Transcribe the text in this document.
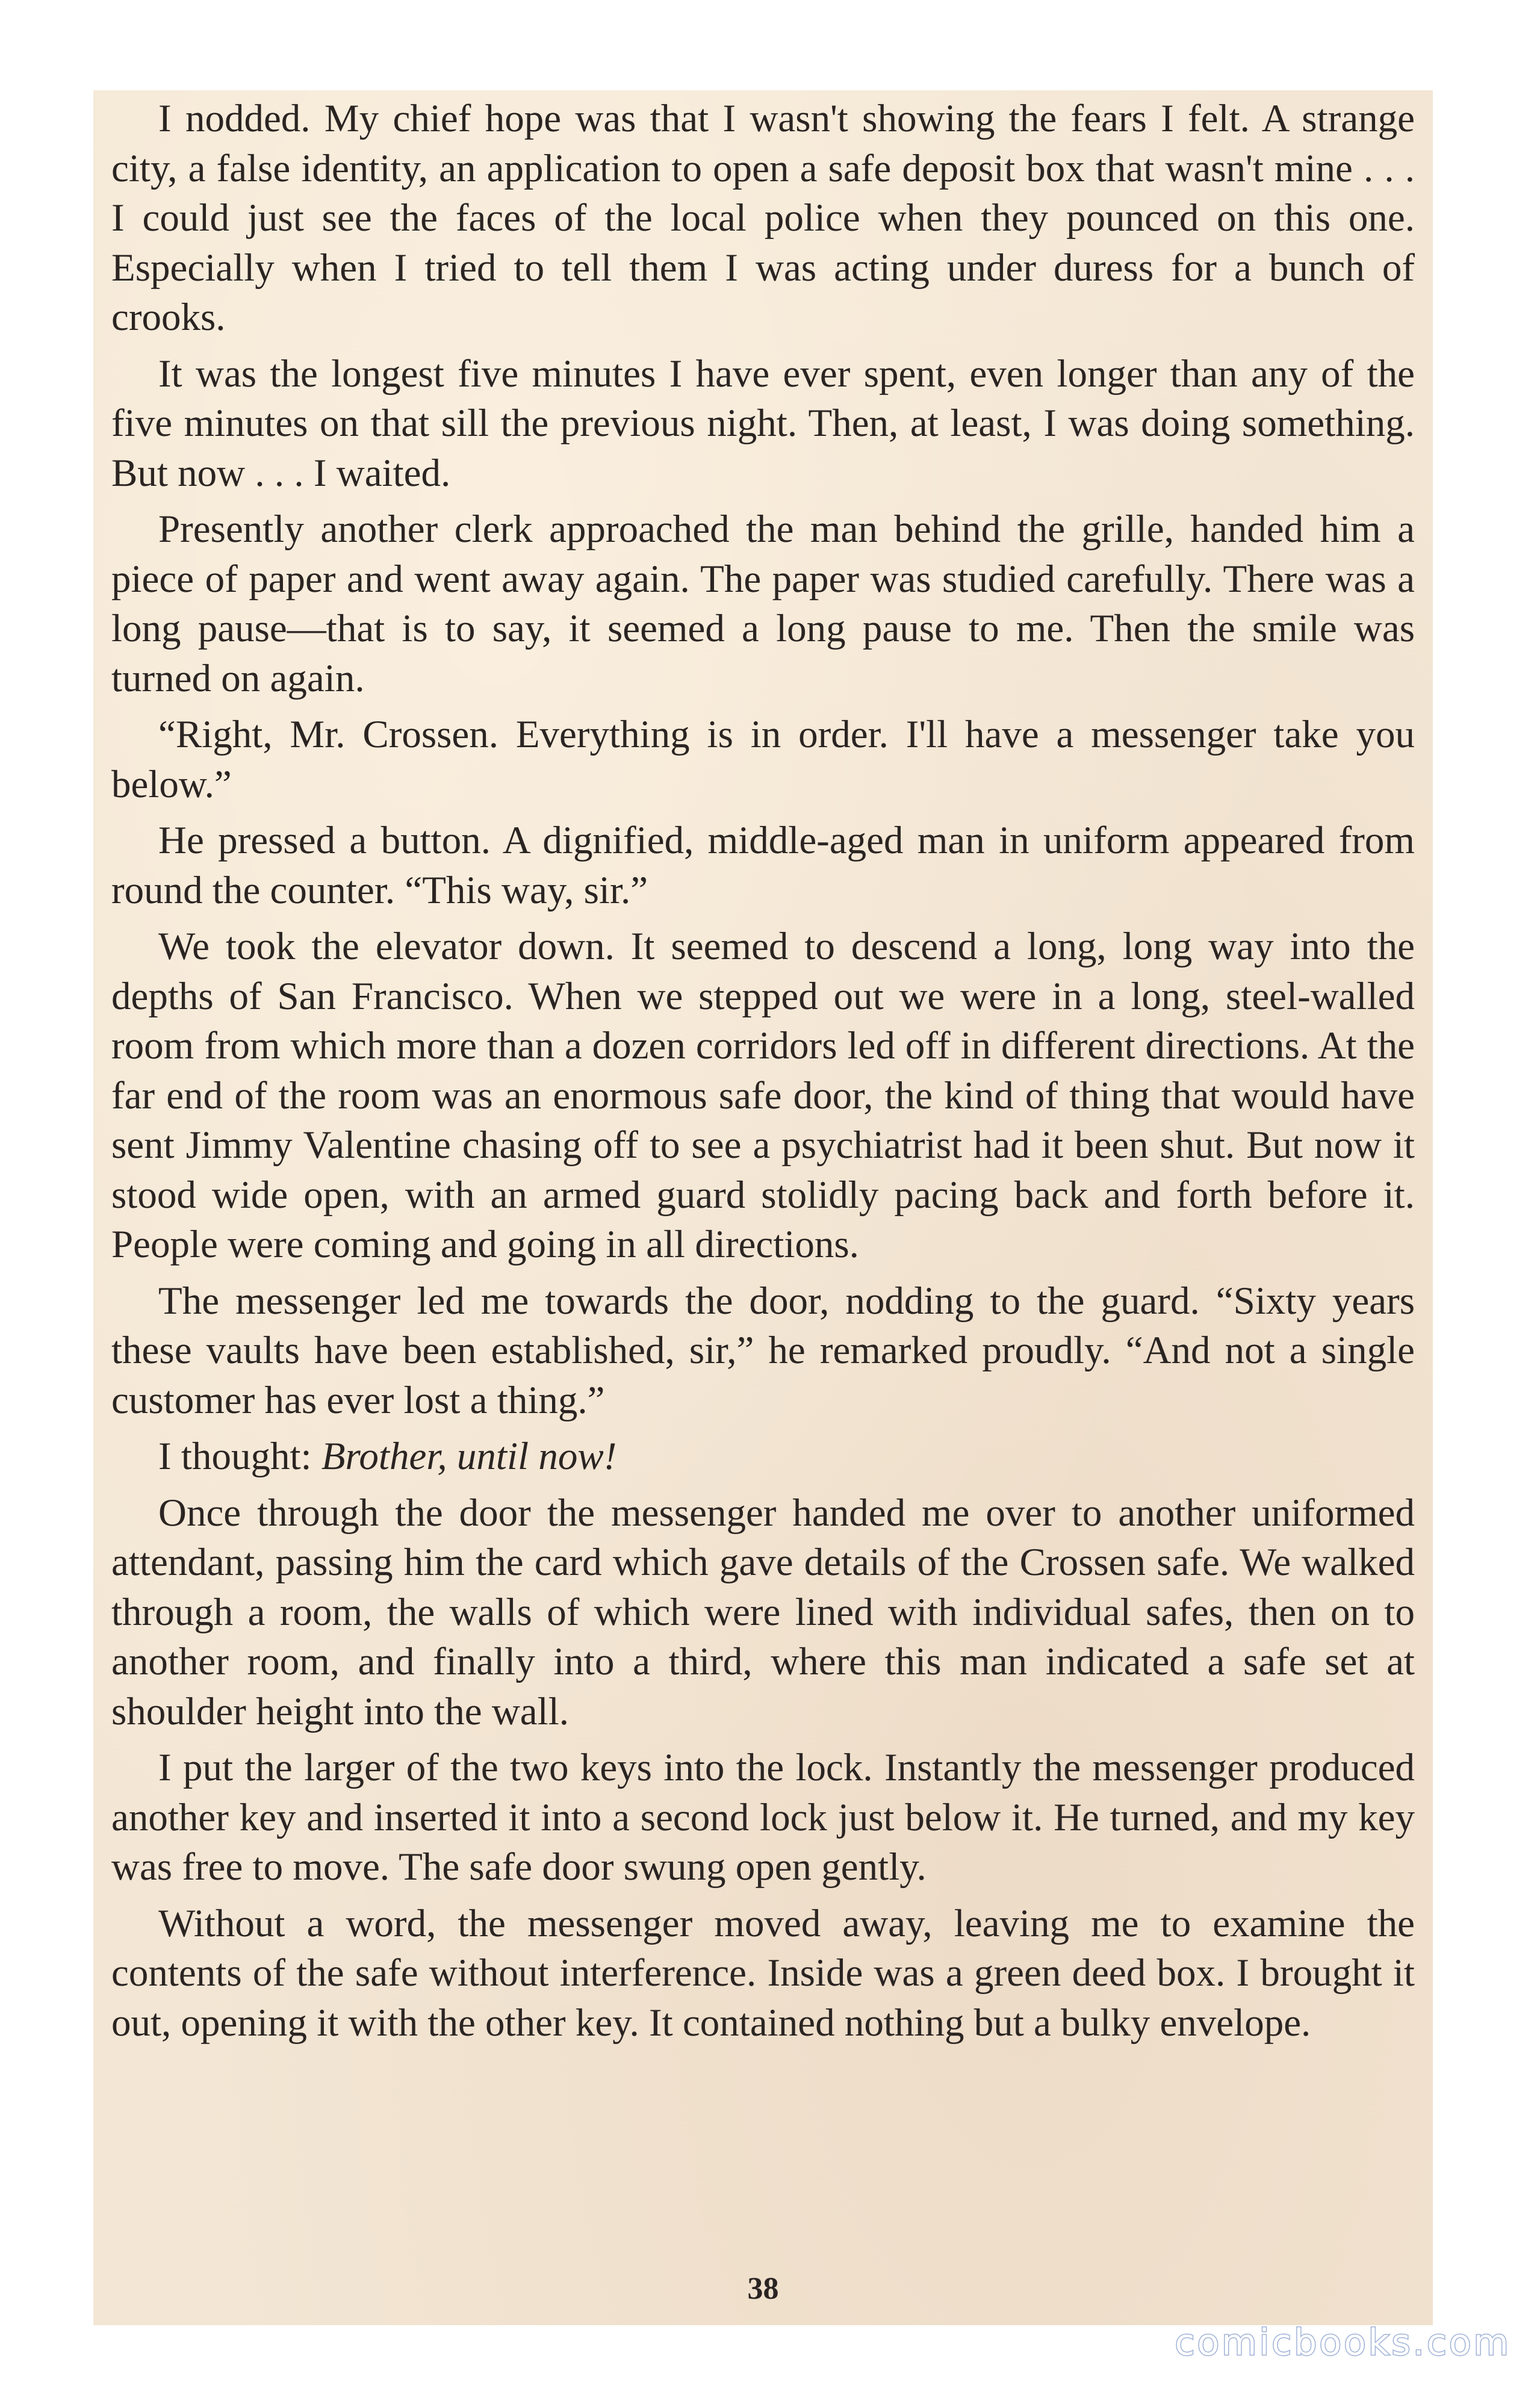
I nodded. My chief hope was that I wasn't showing the fears I felt. A strange city, a false identity, an application to open a safe deposit box that wasn't mine . . . I could just see the faces of the local police when they pounced on this one. Especially when I tried to tell them I was acting under duress for a bunch of crooks.

It was the longest five minutes I have ever spent, even longer than any of the five minutes on that sill the previous night. Then, at least, I was doing something. But now . . . I waited.

Presently another clerk approached the man behind the grille, handed him a piece of paper and went away again. The paper was studied carefully. There was a long pause—that is to say, it seemed a long pause to me. Then the smile was turned on again.

“Right, Mr. Crossen. Everything is in order. I'll have a messenger take you below.”

He pressed a button. A dignified, middle-aged man in uniform appeared from round the counter. “This way, sir.”

We took the elevator down. It seemed to descend a long, long way into the depths of San Francisco. When we stepped out we were in a long, steel-walled room from which more than a dozen corridors led off in different directions. At the far end of the room was an enormous safe door, the kind of thing that would have sent Jimmy Valentine chasing off to see a psychiatrist had it been shut. But now it stood wide open, with an armed guard stolidly pacing back and forth before it. People were coming and going in all directions.

The messenger led me towards the door, nodding to the guard. “Sixty years these vaults have been established, sir,” he remarked proudly. “And not a single customer has ever lost a thing.”

I thought: Brother, until now!

Once through the door the messenger handed me over to another uniformed attendant, passing him the card which gave details of the Crossen safe. We walked through a room, the walls of which were lined with individual safes, then on to another room, and finally into a third, where this man indicated a safe set at shoulder height into the wall.

I put the larger of the two keys into the lock. Instantly the messenger produced another key and inserted it into a second lock just below it. He turned, and my key was free to move. The safe door swung open gently.

Without a word, the messenger moved away, leaving me to examine the contents of the safe without interference. Inside was a green deed box. I brought it out, opening it with the other key. It contained nothing but a bulky envelope.

38
comicbooks.com
